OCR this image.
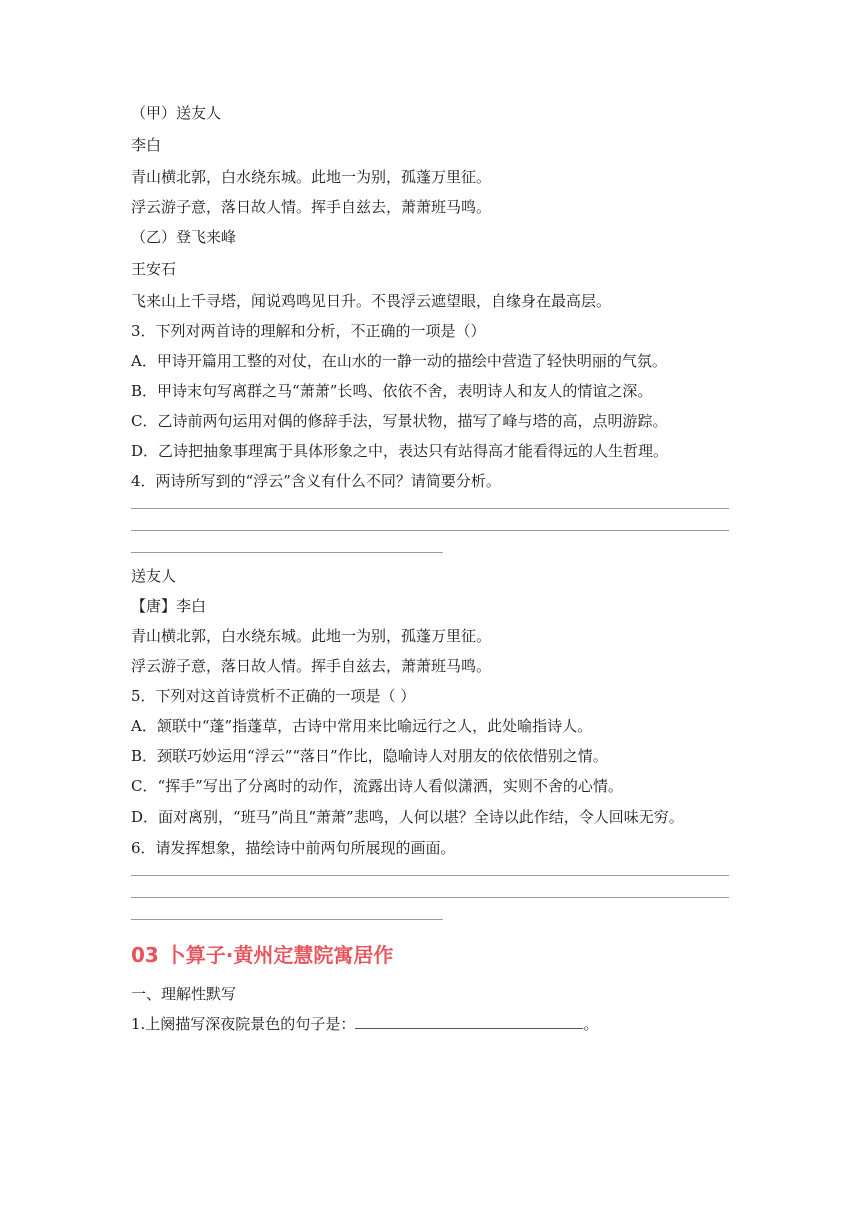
（甲）送友人

李白

青山横北郭，白水绕东城。此地一为别，孤蓬万里征。

浮云游子意，落日故人情。挥手自兹去，萧萧班马鸣。

（乙）登飞来峰

王安石

飞来山上千寻塔，闻说鸡鸣见日升。不畏浮云遮望眼，自缘身在最高层。

3．下列对两首诗的理解和分析，不正确的一项是（）

A．甲诗开篇用工整的对仗，在山水的一静一动的描绘中营造了轻快明丽的气氛。

B．甲诗末句写离群之马“萧萧”长鸣、依依不舍，表明诗人和友人的情谊之深。

C．乙诗前两句运用对偶的修辞手法，写景状物，描写了峰与塔的高，点明游踪。

D．乙诗把抽象事理寓于具体形象之中，表达只有站得高才能看得远的人生哲理。

4．两诗所写到的“浮云”含义有什么不同？请简要分析。

送友人

【唐】李白

青山横北郭，白水绕东城。此地一为别，孤蓬万里征。

浮云游子意，落日故人情。挥手自兹去，萧萧班马鸣。

5．下列对这首诗赏析不正确的一项是（ ）

A．颔联中“蓬”指蓬草，古诗中常用来比喻远行之人，此处喻指诗人。

B．颈联巧妙运用“浮云”“落日”作比，隐喻诗人对朋友的依依惜别之情。

C．“挥手”写出了分离时的动作，流露出诗人看似潇洒，实则不舍的心情。

D．面对离别，“班马”尚且“萧萧”悲鸣，人何以堪？全诗以此作结，令人回味无穷。

6．请发挥想象，描绘诗中前两句所展现的画面。

03 卜算子·黄州定慧院寓居作

一、理解性默写

1.上阕描写深夜院景色的句子是：	。
